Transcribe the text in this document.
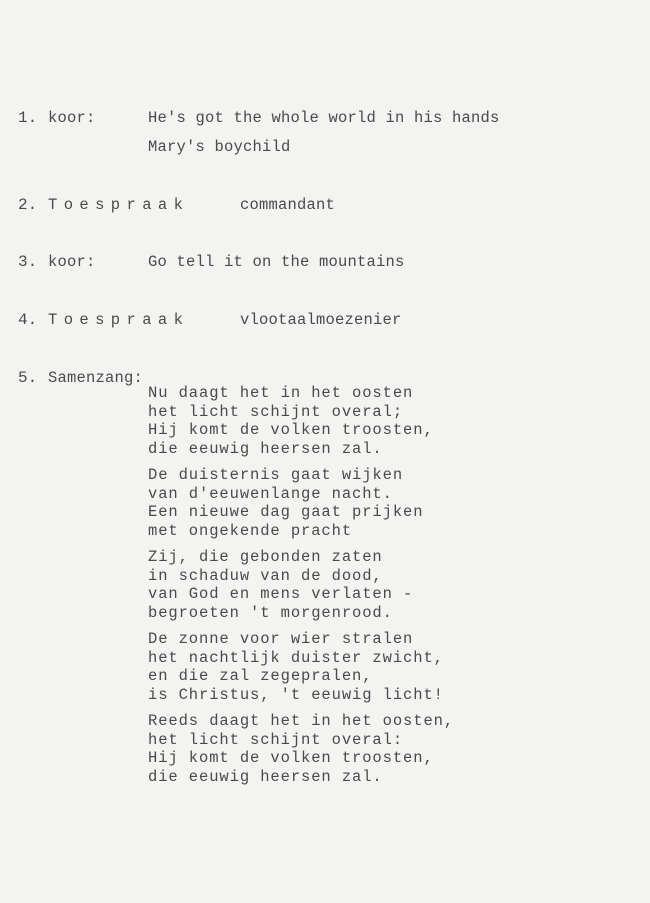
1. koor:	He's got the whole world in his hands
Mary's boychild
2. Toespraak	commandant
3. koor:	Go tell it on the mountains
4. Toespraak	vlootaalmoezenier
5. Samenzang:
Nu daagt het in het oosten
het licht schijnt overal;
Hij komt de volken troosten,
die eeuwig heersen zal.
De duisternis gaat wijken
van d'eeuwenlange nacht.
Een nieuwe dag gaat prijken
met ongekende pracht
Zij, die gebonden zaten
in schaduw van de dood,
van God en mens verlaten -
begroeten 't morgenrood.
De zonne voor wier stralen
het nachtlijk duister zwicht,
en die zal zegepralen,
is Christus, 't eeuwig licht!
Reeds daagt het in het oosten,
het licht schijnt overal:
Hij komt de volken troosten,
die eeuwig heersen zal.
